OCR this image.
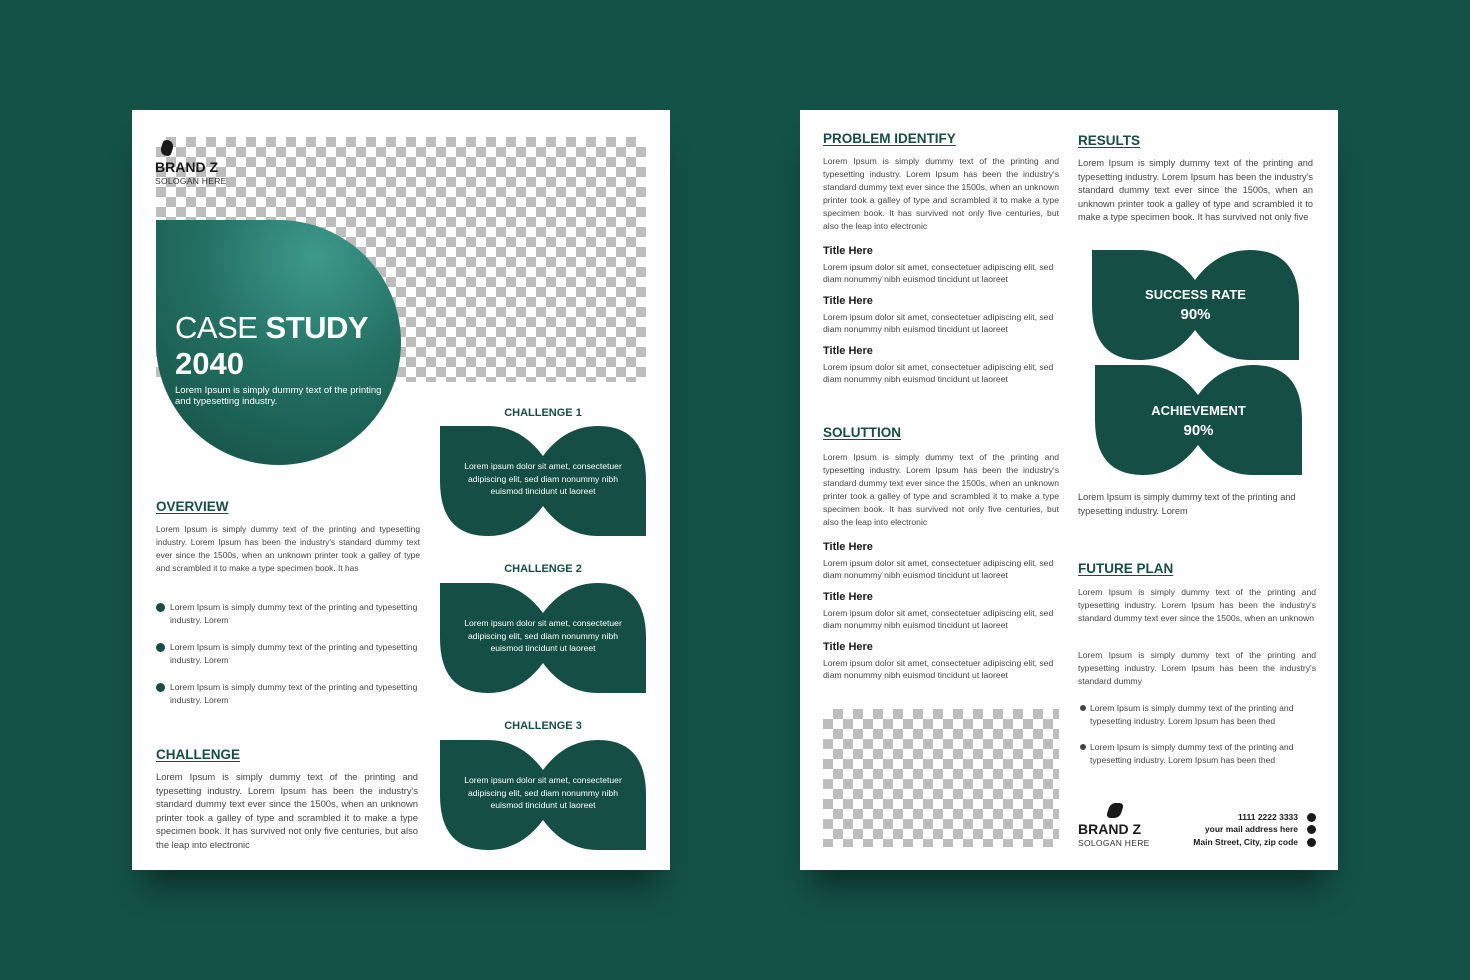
BRAND Z
SOLOGAN HERE
CASE STUDY
2040
Lorem Ipsum is simply dummy text of the printing and typesetting industry.
OVERVIEW
Lorem Ipsum is simply dummy text of the printing and typesetting industry. Lorem Ipsum has been the industry's standard dummy text ever since the 1500s, when an unknown printer took a galley of type and scrambled it to make a type specimen book. It has
Lorem Ipsum is simply dummy text of the printing and typesetting industry. Lorem
Lorem Ipsum is simply dummy text of the printing and typesetting industry. Lorem
Lorem Ipsum is simply dummy text of the printing and typesetting industry. Lorem
CHALLENGE
Lorem Ipsum is simply dummy text of the printing and typesetting industry. Lorem Ipsum has been the industry's standard dummy text ever since the 1500s, when an unknown printer took a galley of type and scrambled it to make a type specimen book. It has survived not only five centuries, but also the leap into electronic
CHALLENGE 1
Lorem ipsum dolor sit amet, consectetuer adipiscing elit, sed diam nonummy nibh euismod tincidunt ut laoreet
CHALLENGE 2
Lorem ipsum dolor sit amet, consectetuer adipiscing elit, sed diam nonummy nibh euismod tincidunt ut laoreet
CHALLENGE 3
Lorem ipsum dolor sit amet, consectetuer adipiscing elit, sed diam nonummy nibh euismod tincidunt ut laoreet
PROBLEM IDENTIFY
Lorem Ipsum is simply dummy text of the printing and typesetting industry. Lorem Ipsum has been the industry's standard dummy text ever since the 1500s, when an unknown printer took a galley of type and scrambled it to make a type specimen book. It has survived not only five centuries, but also the leap into electronic
Title Here
Lorem ipsum dolor sit amet, consectetuer adipiscing elit, sed diam nonummy nibh euismod tincidunt ut laoreet
Title Here
Lorem ipsum dolor sit amet, consectetuer adipiscing elit, sed diam nonummy nibh euismod tincidunt ut laoreet
Title Here
Lorem ipsum dolor sit amet, consectetuer adipiscing elit, sed diam nonummy nibh euismod tincidunt ut laoreet
SOLUTTION
Lorem Ipsum is simply dummy text of the printing and typesetting industry. Lorem Ipsum has been the industry's standard dummy text ever since the 1500s, when an unknown printer took a galley of type and scrambled it to make a type specimen book. It has survived not only five centuries, but also the leap into electronic
Title Here
Lorem ipsum dolor sit amet, consectetuer adipiscing elit, sed diam nonummy nibh euismod tincidunt ut laoreet
Title Here
Lorem ipsum dolor sit amet, consectetuer adipiscing elit, sed diam nonummy nibh euismod tincidunt ut laoreet
Title Here
Lorem ipsum dolor sit amet, consectetuer adipiscing elit, sed diam nonummy nibh euismod tincidunt ut laoreet
RESULTS
Lorem Ipsum is simply dummy text of the printing and typesetting industry. Lorem Ipsum has been the industry's standard dummy text ever since the 1500s, when an unknown printer took a galley of type and scrambled it to make a type specimen book. It has survived not only five
SUCCESS RATE
90%
ACHIEVEMENT
90%
Lorem Ipsum is simply dummy text of the printing and typesetting industry. Lorem
FUTURE PLAN
Lorem Ipsum is simply dummy text of the printing and typesetting industry. Lorem Ipsum has been the industry's standard dummy text ever since the 1500s, when an unknown
Lorem Ipsum is simply dummy text of the printing and typesetting industry. Lorem Ipsum has been the industry's standard dummy
Lorem Ipsum is simply dummy text of the printing and typesetting industry. Lorem Ipsum has been thed
Lorem Ipsum is simply dummy text of the printing and typesetting industry. Lorem Ipsum has been thed
BRAND Z
SOLOGAN HERE
1111 2222 3333
your mail address here
Main Street, City, zip code
